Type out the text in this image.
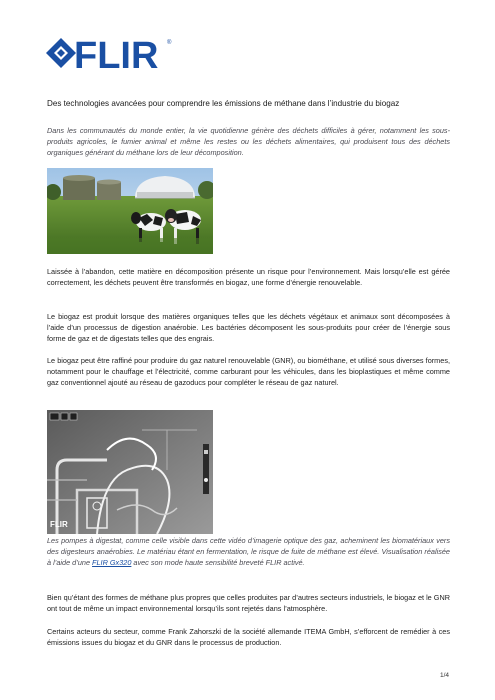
FLIR ®
Des technologies avancées pour comprendre les émissions de méthane dans l’industrie du biogaz
Dans les communautés du monde entier, la vie quotidienne génère des déchets difficiles à gérer, notamment les sous-produits agricoles, le fumier animal et même les restes ou les déchets alimentaires, qui produisent tous des déchets organiques générant du méthane lors de leur décomposition.
Laissée à l’abandon, cette matière en décomposition présente un risque pour l’environnement. Mais lorsqu’elle est gérée correctement, les déchets peuvent être transformés en biogaz, une forme d’énergie renouvelable.
Le biogaz est produit lorsque des matières organiques telles que les déchets végétaux et animaux sont décomposées à l’aide d’un processus de digestion anaérobie. Les bactéries décomposent les sous-produits pour créer de l’énergie sous forme de gaz et de digestats telles que des engrais.
Le biogaz peut être raffiné pour produire du gaz naturel renouvelable (GNR), ou biométhane, et utilisé sous diverses formes, notamment pour le chauffage et l’électricité, comme carburant pour les véhicules, dans les bioplastiques et même comme gaz conventionnel ajouté au réseau de gazoducs pour compléter le réseau de gaz naturel.
FLIR
Les pompes à digestat, comme celle visible dans cette vidéo d’imagerie optique des gaz, acheminent les biomatériaux vers des digesteurs anaérobies. Le matériau étant en fermentation, le risque de fuite de méthane est élevé. Visualisation réalisée à l’aide d’une FLIR Gx320 avec son mode haute sensibilité breveté FLIR activé.
Bien qu’étant des formes de méthane plus propres que celles produites par d’autres secteurs industriels, le biogaz et le GNR ont tout de même un impact environnemental lorsqu’ils sont rejetés dans l’atmosphère.
Certains acteurs du secteur, comme Frank Zahorszki de la société allemande ITEMA GmbH, s’efforcent de remédier à ces émissions issues du biogaz et du GNR dans le processus de production.
1/4
